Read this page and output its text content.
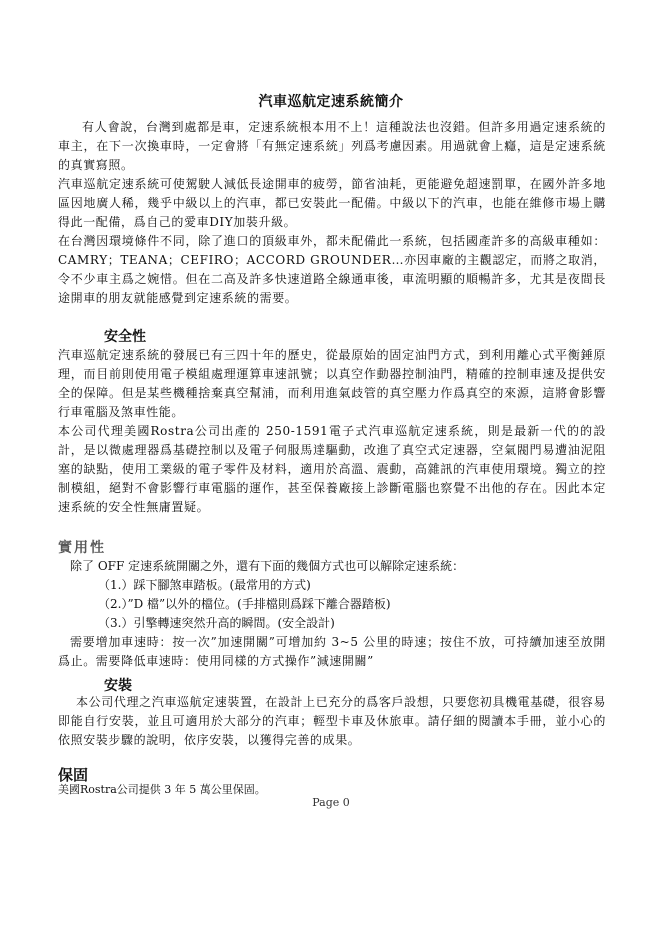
汽車巡航定速系統簡介

有人會說，台灣到處都是車，定速系統根本用不上！這種說法也沒錯。但許多用過定速系統的車主，在下一次換車時，一定會將「有無定速系統」列爲考慮因素。用過就會上癮，這是定速系統的真實寫照。

汽車巡航定速系統可使駕駛人減低長途開車的疲勞，節省油耗，更能避免超速罰單，在國外許多地區因地廣人稀，幾乎中級以上的汽車，都已安裝此一配備。中級以下的汽車，也能在維修市場上購得此一配備，爲自己的愛車DIY加裝升級。

在台灣因環境條件不同，除了進口的頂級車外，都未配備此一系統，包括國產許多的高級車種如：CAMRY；TEANA；CEFIRO；ACCORD GROUNDER…亦因車廠的主觀認定，而將之取消，令不少車主爲之婉惜。但在二高及許多快速道路全線通車後，車流明顯的順暢許多，尤其是夜間長途開車的朋友就能感覺到定速系統的需要。

安全性

汽車巡航定速系統的發展已有三四十年的歷史，從最原始的固定油門方式，到利用離心式平衡錘原理，而目前則使用電子模組處理運算車速訊號；以真空作動器控制油門，精確的控制車速及提供安全的保障。但是某些機種捨棄真空幫浦，而利用進氣歧管的真空壓力作爲真空的來源，這將會影響行車電腦及煞車性能。

本公司代理美國Rostra公司出產的 250-1591電子式汽車巡航定速系統，則是最新一代的的設計，是以微處理器爲基礎控制以及電子伺服馬達驅動，改進了真空式定速器，空氣閥門易遭油泥阻塞的缺點，使用工業級的電子零件及材料，適用於高溫、震動，高雜訊的汽車使用環境。獨立的控制模組，絕對不會影響行車電腦的運作，甚至保養廠接上診斷電腦也察覺不出他的存在。因此本定速系統的安全性無庸置疑。

實用性
除了 OFF 定速系統開關之外，還有下面的幾個方式也可以解除定速系統：
（1.）踩下腳煞車踏板。(最常用的方式)
（2.）”D 檔”以外的檔位。(手排檔則爲踩下離合器踏板)
（3.）引擎轉速突然升高的瞬間。(安全設計)

需要增加車速時：按一次”加速開關”可增加約 3~5 公里的時速；按住不放，可持續加速至放開爲止。需要降低車速時：使用同樣的方式操作”減速開關”

安裝

本公司代理之汽車巡航定速裝置，在設計上已充分的爲客戶設想，只要您初具機電基礎，很容易即能自行安裝，並且可適用於大部分的汽車；輕型卡車及休旅車。請仔細的閱讀本手冊，並小心的依照安裝步驟的說明，依序安裝，以獲得完善的成果。

保固
美國Rostra公司提供 3 年 5 萬公里保固。
Page 0
